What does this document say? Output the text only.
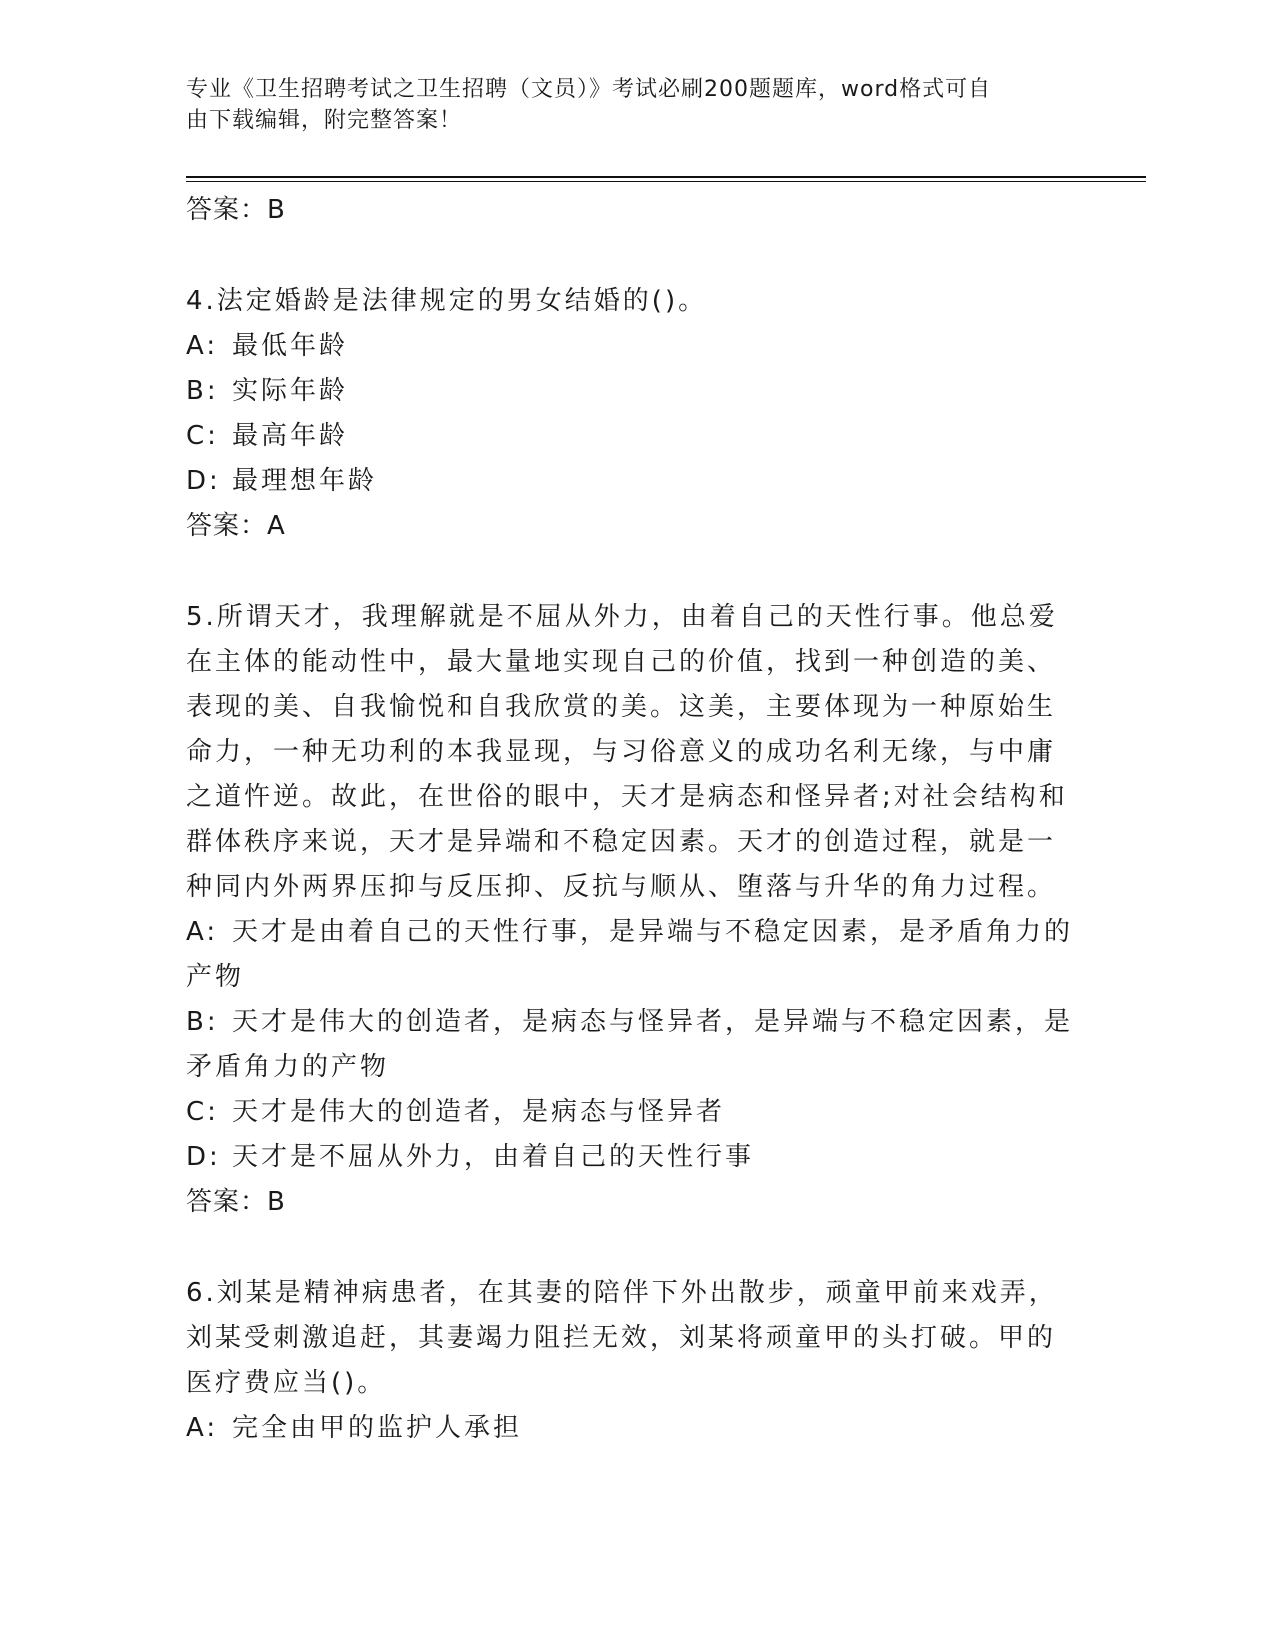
专业《卫生招聘考试之卫生招聘（文员）》考试必刷200题题库，word格式可自
由下载编辑，附完整答案！
答案：B
4.法定婚龄是法律规定的男女结婚的()。
A: 最低年龄
B: 实际年龄
C: 最高年龄
D: 最理想年龄
答案：A
5.所谓天才，我理解就是不屈从外力，由着自己的天性行事。他总爱
在主体的能动性中，最大量地实现自己的价值，找到一种创造的美、
表现的美、自我愉悦和自我欣赏的美。这美，主要体现为一种原始生
命力，一种无功利的本我显现，与习俗意义的成功名利无缘，与中庸
之道忤逆。故此，在世俗的眼中，天才是病态和怪异者;对社会结构和
群体秩序来说，天才是异端和不稳定因素。天才的创造过程，就是一
种同内外两界压抑与反压抑、反抗与顺从、堕落与升华的角力过程。
A: 天才是由着自己的天性行事，是异端与不稳定因素，是矛盾角力的
产物
B: 天才是伟大的创造者，是病态与怪异者，是异端与不稳定因素，是
矛盾角力的产物
C: 天才是伟大的创造者，是病态与怪异者
D: 天才是不屈从外力，由着自己的天性行事
答案：B
6.刘某是精神病患者，在其妻的陪伴下外出散步，顽童甲前来戏弄，
刘某受刺激追赶，其妻竭力阻拦无效，刘某将顽童甲的头打破。甲的
医疗费应当()。
A: 完全由甲的监护人承担
